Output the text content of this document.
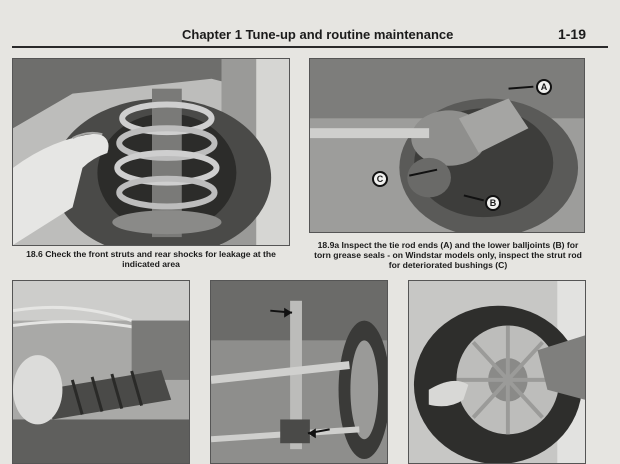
Chapter 1 Tune-up and routine maintenance	1-19
A
C
B
18.6 Check the front struts and rear shocks for leakage at the
indicated area
18.9a Inspect the tie rod ends (A) and the lower balljoints (B) for
torn grease seals - on Windstar models only, inspect the strut rod
for deteriorated bushings (C)
